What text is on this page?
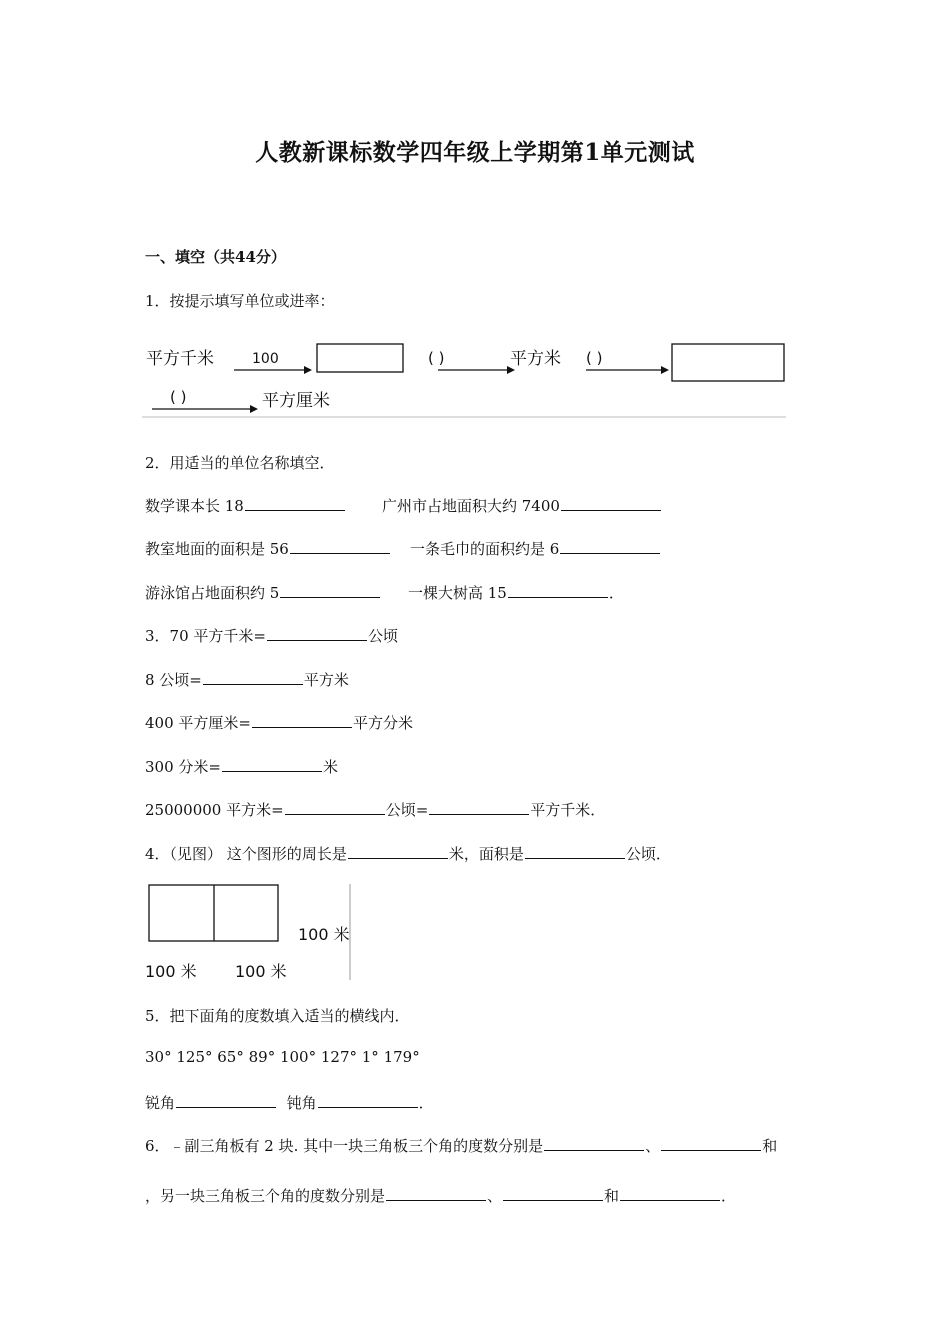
人教新课标数学四年级上学期第1单元测试
一、填空（共44分）
1．按提示填写单位或进率：
平方千米	100	( )	平方米 ( )
( )	平方厘米
2．用适当的单位名称填空．
数学课本长 18	广州市占地面积大约 7400
教室地面的面积是 56	一条毛巾的面积约是 6
游泳馆占地面积约 5	一棵大树高 15	．
3．70 平方千米=	公顷
8 公顷=	平方米
400 平方厘米=	平方分米
300 分米=	米
25000000 平方米=	公顷=	平方千米．
4．（见图） 这个图形的周长是	米，面积是	公顷．
100 米
100 米 100 米
5．把下面角的度数填入适当的横线内．
30° 125° 65° 89° 100° 127° 1° 179°
锐角	钝角	．
6．﹣副三角板有 2 块. 其中一块三角板三个角的度数分别是	、	和
，另一块三角板三个角的度数分别是	、	和	．
